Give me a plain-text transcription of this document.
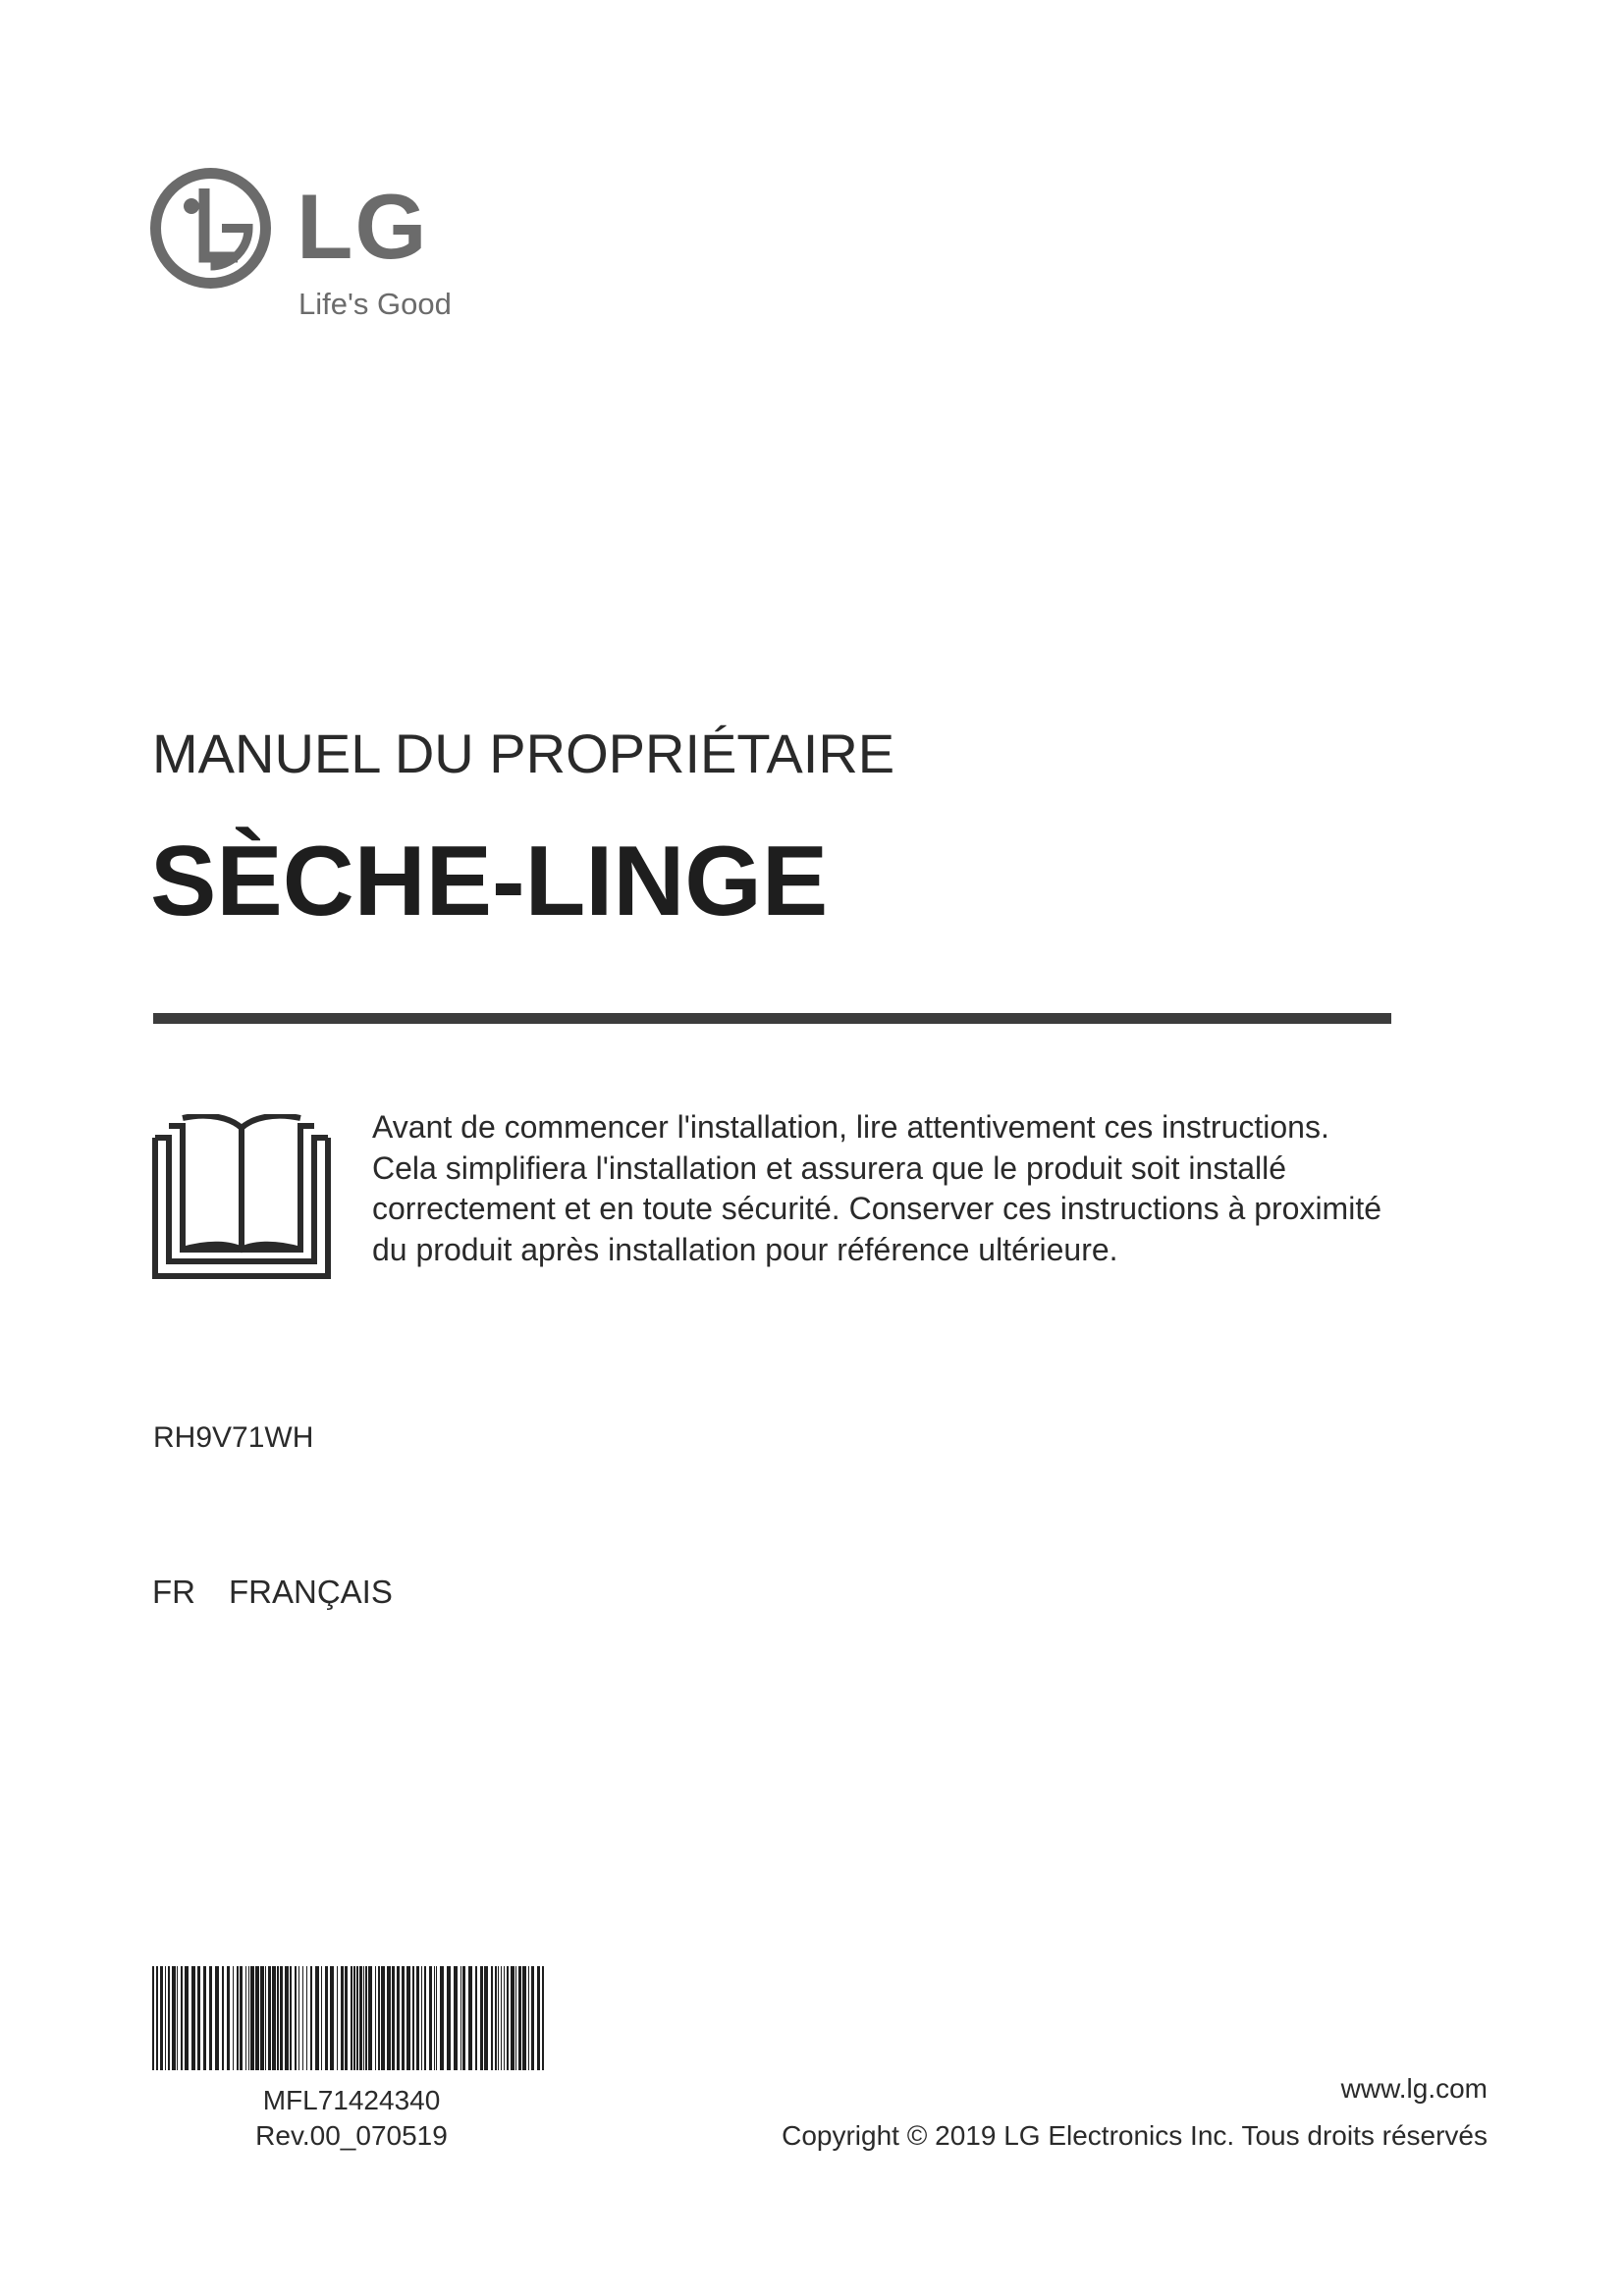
LG
Life's Good
MANUEL DU PROPRIÉTAIRE
SÈCHE-LINGE
Avant de commencer l'installation, lire attentivement ces instructions.
Cela simplifiera l'installation et assurera que le produit soit installé
correctement et en toute sécurité. Conserver ces instructions à proximité
du produit après installation pour référence ultérieure.
RH9V71WH
FR FRANÇAIS
MFL71424340
Rev.00_070519
www.lg.com
Copyright © 2019 LG Electronics Inc. Tous droits réservés
